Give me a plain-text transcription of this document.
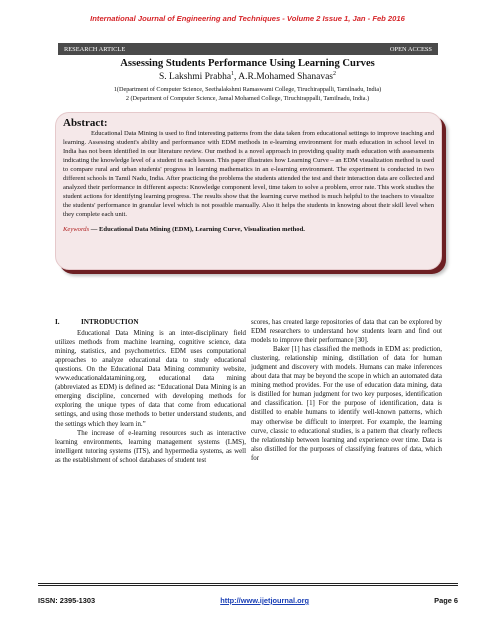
International Journal of Engineering and Techniques - Volume 2 Issue 1, Jan - Feb 2016
RESEARCH ARTICLE	OPEN ACCESS
Assessing Students Performance Using Learning Curves
S. Lakshmi Prabha$^1$, A.R.Mohamed Shanavas$^2$
1(Department of Computer Science, Seethalakshmi Ramaswami College, Tiruchirappalli, Tamilnadu, India)
2 (Department of Computer Science, Jamal Mohamed College, Tiruchirappalli, Tamilnadu, India.)
Abstract:

Educational Data Mining is used to find interesting patterns from the data taken from educational settings to improve teaching and learning. Assessing student's ability and performance with EDM methods in e-learning environment for math education in school level in India has not been identified in our literature review. Our method is a novel approach in providing quality math education with assessments indicating the knowledge level of a student in each lesson. This paper illustrates how Learning Curve – an EDM visualization method is used to compare rural and urban students' progress in learning mathematics in an e-learning environment. The experiment is conducted in two different schools in Tamil Nadu, India. After practicing the problems the students attended the test and their interaction data are collected and analyzed their performance in different aspects: Knowledge component level, time taken to solve a problem, error rate. This work studies the student actions for identifying learning progress. The results show that the learning curve method is much helpful to the teachers to visualize the students' performance in granular level which is not possible manually. Also it helps the students in knowing about their skill level when they complete each unit.

Keywords — Educational Data Mining (EDM), Learning Curve, Visualization method.

I.	INTRODUCTION

Educational Data Mining is an inter-disciplinary field utilizes methods from machine learning, cognitive science, data mining, statistics, and psychometrics. EDM uses computational approaches to analyze educational data to study educational questions. On the Educational Data Mining community website, www.educationaldatamining.org, educational data mining (abbreviated as EDM) is defined as: “Educational Data Mining is an emerging discipline, concerned with developing methods for exploring the unique types of data that come from educational settings, and using those methods to better understand students, and the settings which they learn in.”

The increase of e-learning resources such as interactive learning environments, learning management systems (LMS), intelligent tutoring systems (ITS), and hypermedia systems, as well as the establishment of school databases of student test

scores, has created large repositories of data that can be explored by EDM researchers to understand how students learn and find out models to improve their performance [30].

Baker [1] has classified the methods in EDM as: prediction, clustering, relationship mining, distillation of data for human judgment and discovery with models. Humans can make inferences about data that may be beyond the scope in which an automated data mining method provides. For the use of education data mining, data is distilled for human judgment for two key purposes, identification and classification. [1] For the purpose of identification, data is distilled to enable humans to identify well-known patterns, which may otherwise be difficult to interpret. For example, the learning curve, classic to educational studies, is a pattern that clearly reflects the relationship between learning and experience over time. Data is also distilled for the purposes of classifying features of data, which for

ISSN: 2395-1303	http://www.ijetjournal.org	Page 6
